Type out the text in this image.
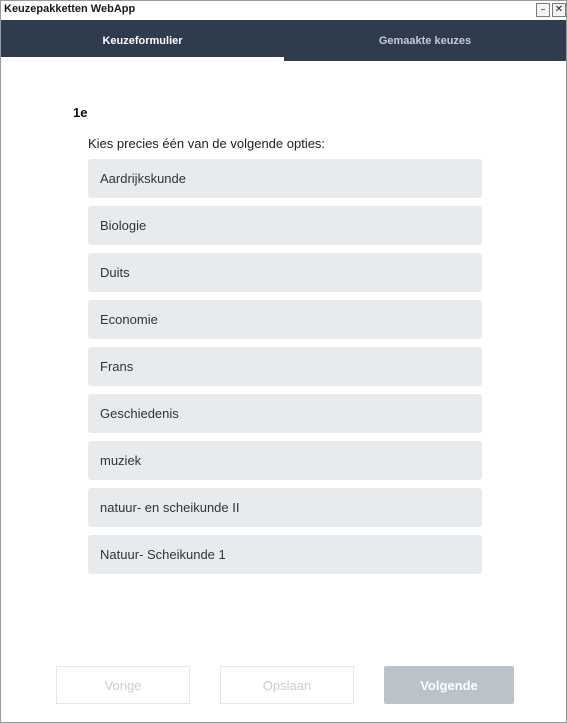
Keuzepakketten WebApp	– ✕
Keuzeformulier	Gemaakte keuzes
1e
Kies precies één van de volgende opties:
Aardrijkskunde
Biologie
Duits
Economie
Frans
Geschiedenis
muziek
natuur- en scheikunde II
Natuur- Scheikunde 1
Vorige	Opslaan	Volgende
